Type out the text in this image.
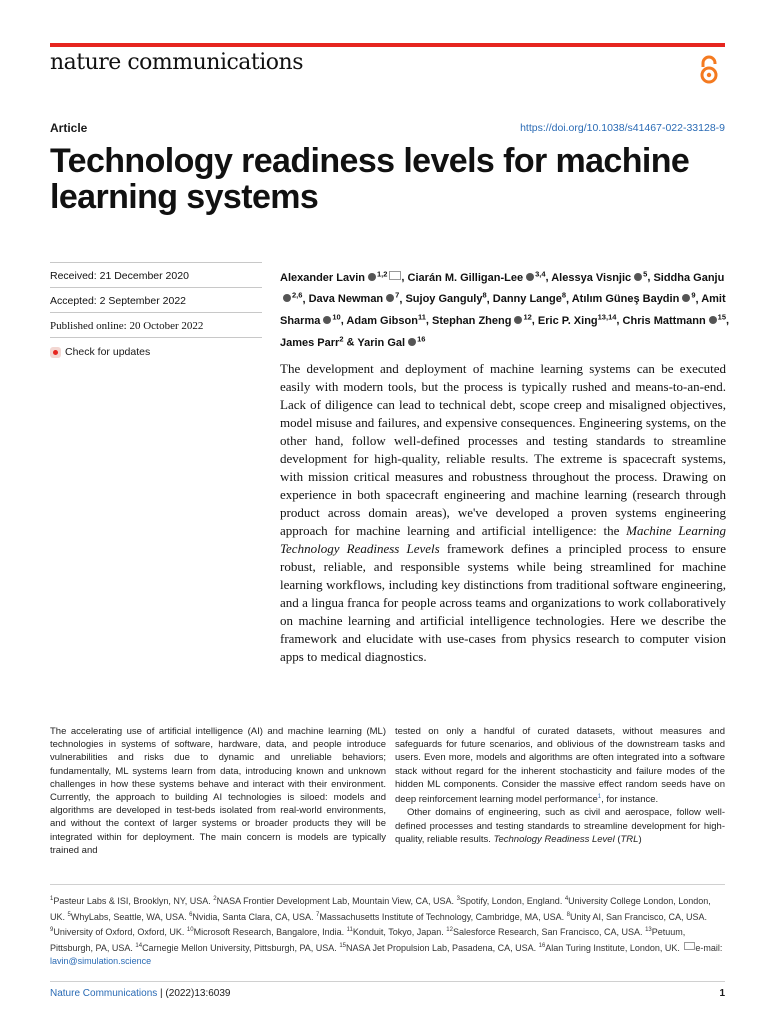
nature communications
Article	https://doi.org/10.1038/s41467-022-33128-9
Technology readiness levels for machine learning systems
Received: 21 December 2020
Accepted: 2 September 2022
Published online: 20 October 2022
Check for updates
Alexander Lavin $^{1,2}$ , Ciarán M. Gilligan-Lee $^{3,4}$, Alessya Visnjic $^5$, Siddha Ganju$^{2,6}$, Dava Newman $^7$, Sujoy Ganguly$^8$, Danny Lange$^8$, Atılım Güneş Baydin $^9$, Amit Sharma $^{10}$, Adam Gibson$^{11}$, Stephan Zheng $^{12}$, Eric P. Xing$^{13,14}$, Chris Mattmann $^{15}$, James Parr$^2$ & Yarin Gal $^{16}$
The development and deployment of machine learning systems can be executed easily with modern tools, but the process is typically rushed and means-to-an-end. Lack of diligence can lead to technical debt, scope creep and misaligned objectives, model misuse and failures, and expensive consequences. Engineering systems, on the other hand, follow well-defined processes and testing standards to streamline development for high-quality, reliable results. The extreme is spacecraft systems, with mission critical measures and robustness throughout the process. Drawing on experience in both spacecraft engineering and machine learning (research through product across domain areas), we've developed a proven systems engineering approach for machine learning and artificial intelligence: the Machine Learning Technology Readiness Levels framework defines a principled process to ensure robust, reliable, and responsible systems while being streamlined for machine learning workflows, including key distinctions from traditional software engineering, and a lingua franca for people across teams and organizations to work collaboratively on machine learning and artificial intelligence technologies. Here we describe the framework and elucidate with use-cases from physics research to computer vision apps to medical diagnostics.

The accelerating use of artificial intelligence (AI) and machine learning (ML) technologies in systems of software, hardware, data, and people introduce vulnerabilities and risks due to dynamic and unreliable behaviors; fundamentally, ML systems learn from data, introducing known and unknown challenges in how these systems behave and interact with their environment. Currently, the approach to building AI technologies is siloed: models and algorithms are developed in test-beds isolated from real-world environments, and without the context of larger systems or broader products they will be integrated within for deployment. The main concern is models are typically trained and

tested on only a handful of curated datasets, without measures and safeguards for future scenarios, and oblivious of the downstream tasks and users. Even more, models and algorithms are often integrated into a software stack without regard for the inherent stochasticity and failure modes of the hidden ML components. Consider the massive effect random seeds have on deep reinforcement learning model performance$^1$, for instance.

Other domains of engineering, such as civil and aerospace, follow well-defined processes and testing standards to streamline development for high-quality, reliable results. Technology Readiness Level (TRL)

$^1$Pasteur Labs & ISI, Brooklyn, NY, USA. $^2$NASA Frontier Development Lab, Mountain View, CA, USA. $^3$Spotify, London, England. $^4$University College London, London, UK. $^5$WhyLabs, Seattle, WA, USA. $^6$Nvidia, Santa Clara, CA, USA. $^7$Massachusetts Institute of Technology, Cambridge, MA, USA. $^8$Unity AI, San Francisco, CA, USA. $^9$University of Oxford, Oxford, UK. $^{10}$Microsoft Research, Bangalore, India. $^{11}$Konduit, Tokyo, Japan. $^{12}$Salesforce Research, San Francisco, CA, USA. $^{13}$Petuum, Pittsburgh, PA, USA. $^{14}$Carnegie Mellon University, Pittsburgh, PA, USA. $^{15}$NASA Jet Propulsion Lab, Pasadena, CA, USA. $^{16}$Alan Turing Institute, London, UK. e-mail: lavin@simulation.science
Nature Communications | (2022)13:6039	1
